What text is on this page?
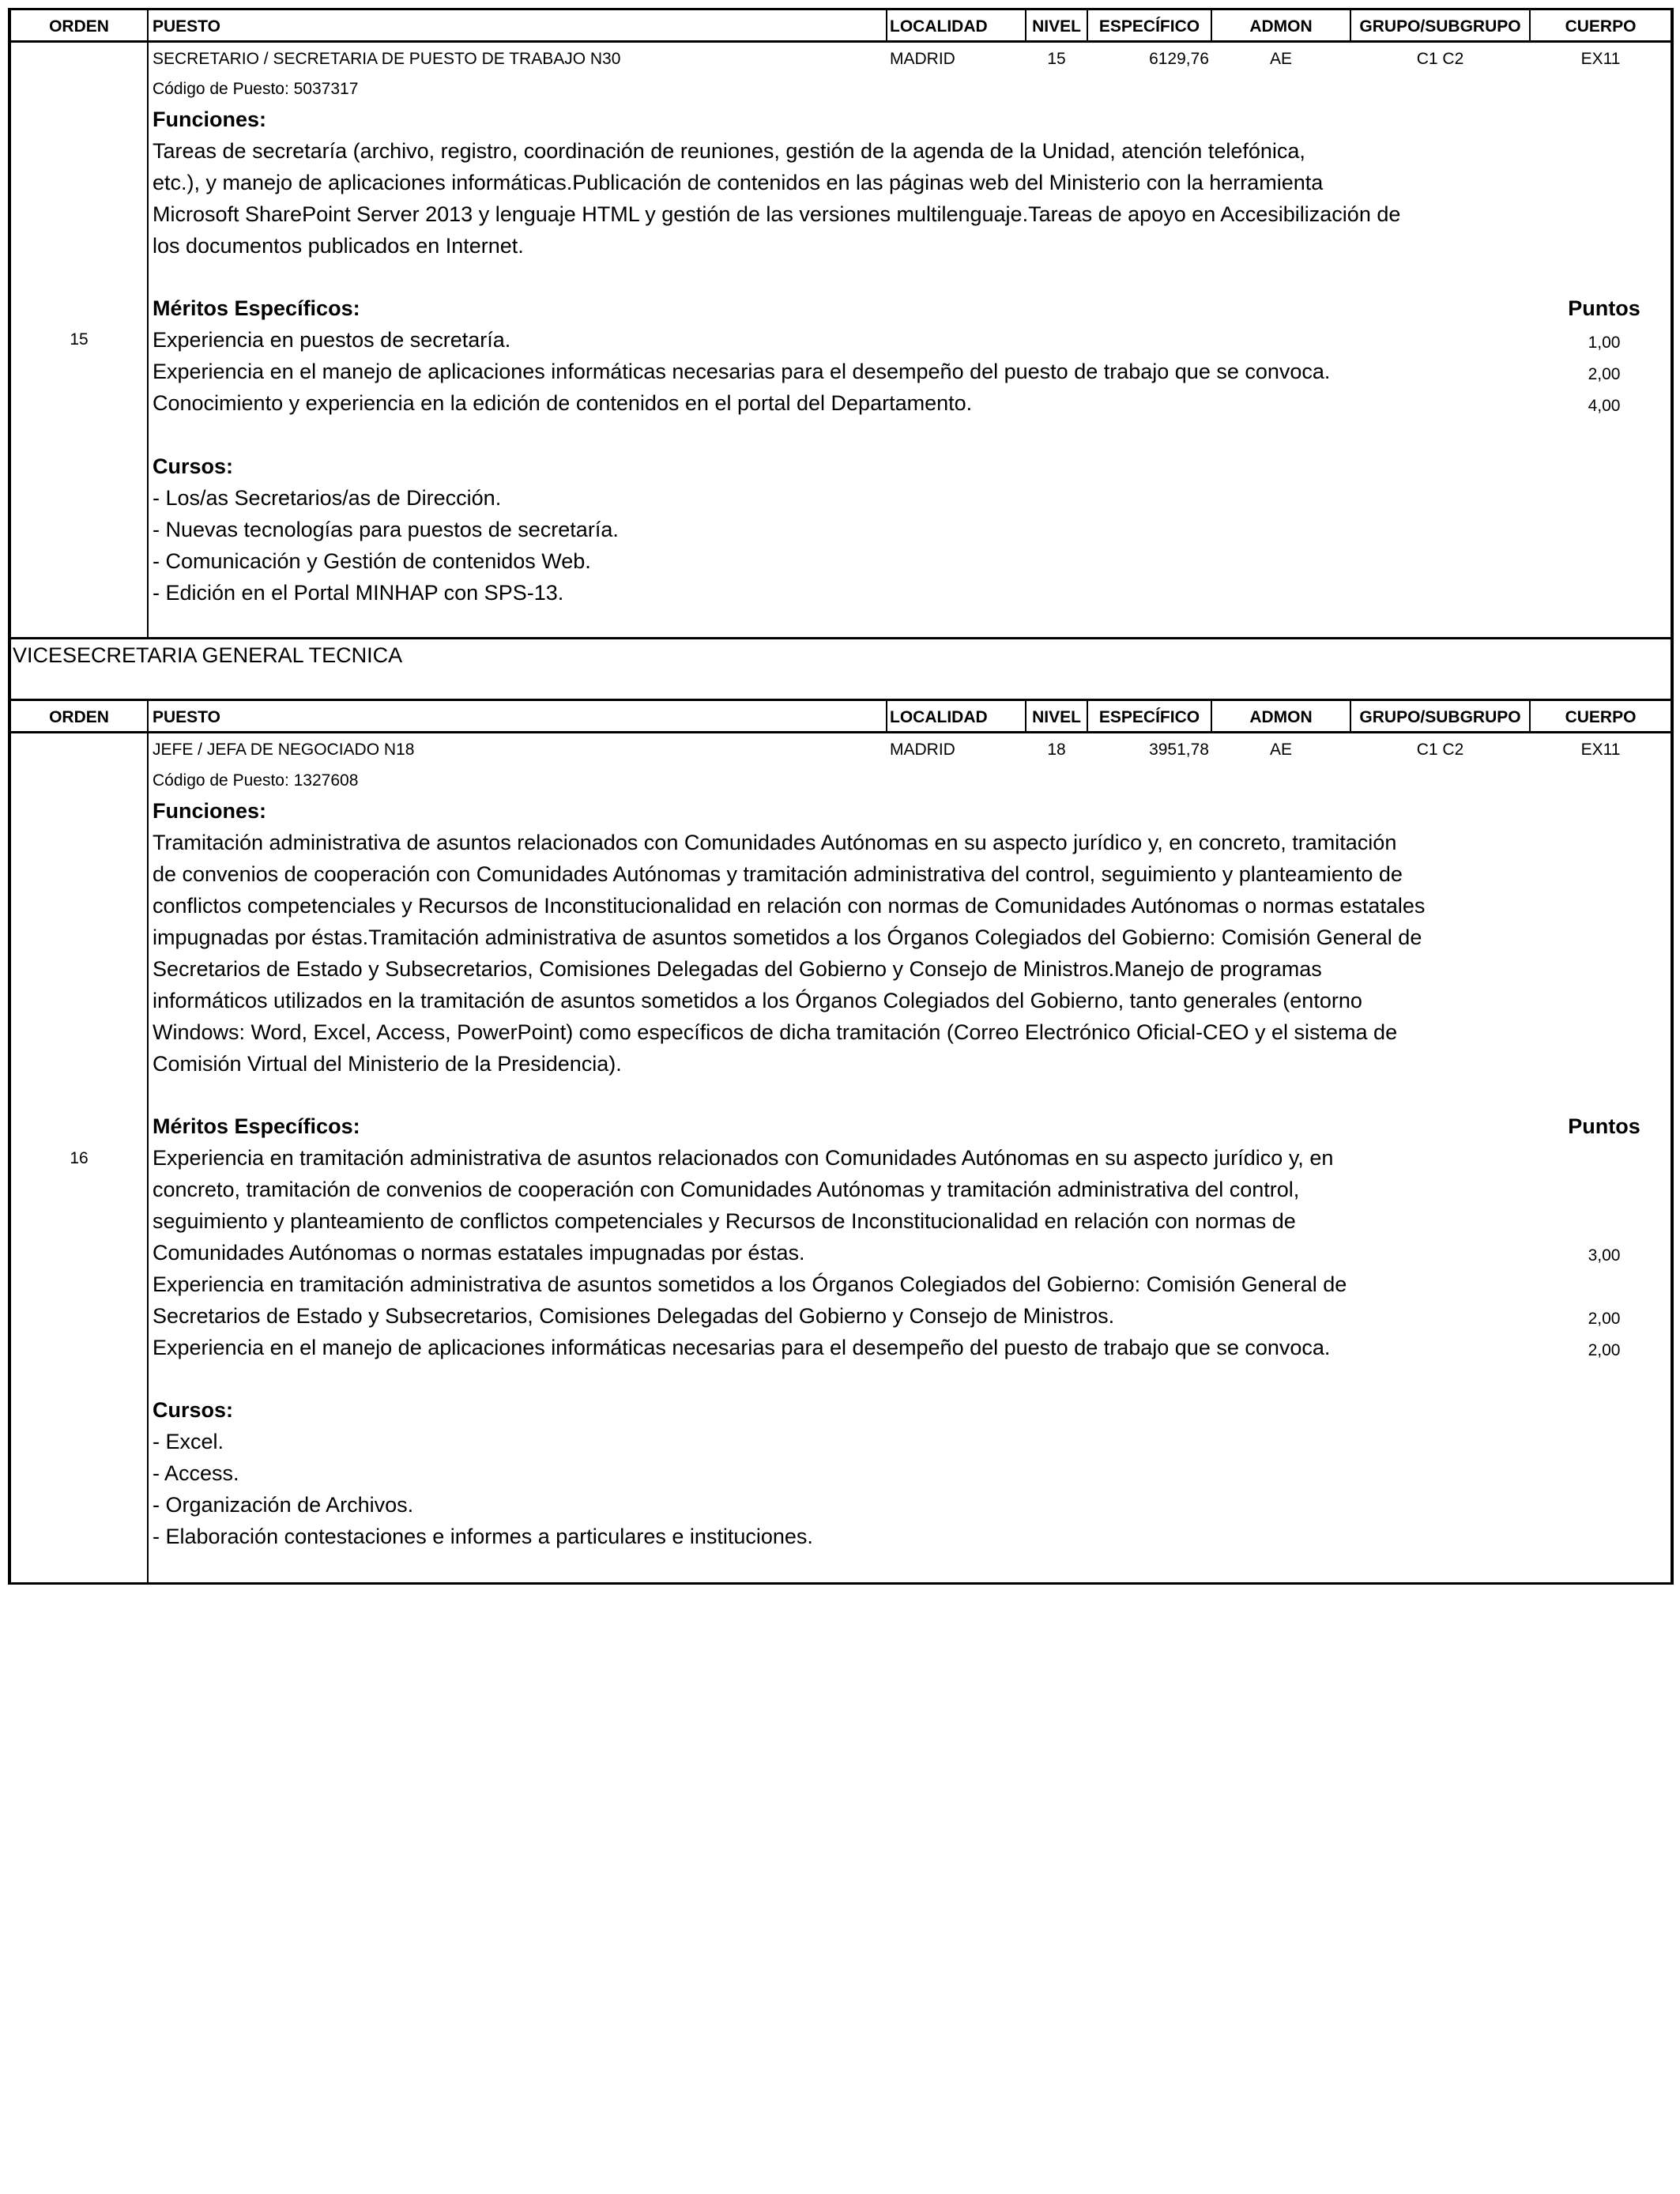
ORDEN	PUESTO	LOCALIDAD	NIVEL	ESPECÍFICO	ADMON	GRUPO/SUBGRUPO	CUERPO
15
SECRETARIO / SECRETARIA DE PUESTO DE TRABAJO N30	MADRID	15	6129,76	AE	C1 C2	EX11
Código de Puesto: 5037317
Funciones:
Tareas de secretaría (archivo, registro, coordinación de reuniones, gestión de la agenda de la Unidad, atención telefónica,
etc.), y manejo de aplicaciones informáticas.Publicación de contenidos en las páginas web del Ministerio con la herramienta
Microsoft SharePoint Server 2013 y lenguaje HTML y gestión de las versiones multilenguaje.Tareas de apoyo en Accesibilización de
los documentos publicados en Internet.
Méritos Específicos:	Puntos
Experiencia en puestos de secretaría.	1,00
Experiencia en el manejo de aplicaciones informáticas necesarias para el desempeño del puesto de trabajo que se convoca.	2,00
Conocimiento y experiencia en la edición de contenidos en el portal del Departamento.	4,00
Cursos:
- Los/as Secretarios/as de Dirección.
- Nuevas tecnologías para puestos de secretaría.
- Comunicación y Gestión de contenidos Web.
- Edición en el Portal MINHAP con SPS-13.
VICESECRETARIA GENERAL TECNICA
ORDEN	PUESTO	LOCALIDAD	NIVEL	ESPECÍFICO	ADMON	GRUPO/SUBGRUPO	CUERPO
16
JEFE / JEFA DE NEGOCIADO N18	MADRID	18	3951,78	AE	C1 C2	EX11
Código de Puesto: 1327608
Funciones:
Tramitación administrativa de asuntos relacionados con Comunidades Autónomas en su aspecto jurídico y, en concreto, tramitación
de convenios de cooperación con Comunidades Autónomas y tramitación administrativa del control, seguimiento y planteamiento de
conflictos competenciales y Recursos de Inconstitucionalidad en relación con normas de Comunidades Autónomas o normas estatales
impugnadas por éstas.Tramitación administrativa de asuntos sometidos a los Órganos Colegiados del Gobierno: Comisión General de
Secretarios de Estado y Subsecretarios, Comisiones Delegadas del Gobierno y Consejo de Ministros.Manejo de programas
informáticos utilizados en la tramitación de asuntos sometidos a los Órganos Colegiados del Gobierno, tanto generales (entorno
Windows: Word, Excel, Access, PowerPoint) como específicos de dicha tramitación (Correo Electrónico Oficial-CEO y el sistema de
Comisión Virtual del Ministerio de la Presidencia).
Méritos Específicos:	Puntos
Experiencia en tramitación administrativa de asuntos relacionados con Comunidades Autónomas en su aspecto jurídico y, en
concreto, tramitación de convenios de cooperación con Comunidades Autónomas y tramitación administrativa del control,
seguimiento y planteamiento de conflictos competenciales y Recursos de Inconstitucionalidad en relación con normas de
Comunidades Autónomas o normas estatales impugnadas por éstas.	3,00
Experiencia en tramitación administrativa de asuntos sometidos a los Órganos Colegiados del Gobierno: Comisión General de
Secretarios de Estado y Subsecretarios, Comisiones Delegadas del Gobierno y Consejo de Ministros.	2,00
Experiencia en el manejo de aplicaciones informáticas necesarias para el desempeño del puesto de trabajo que se convoca.	2,00
Cursos:
- Excel.
- Access.
- Organización de Archivos.
- Elaboración contestaciones e informes a particulares e instituciones.
